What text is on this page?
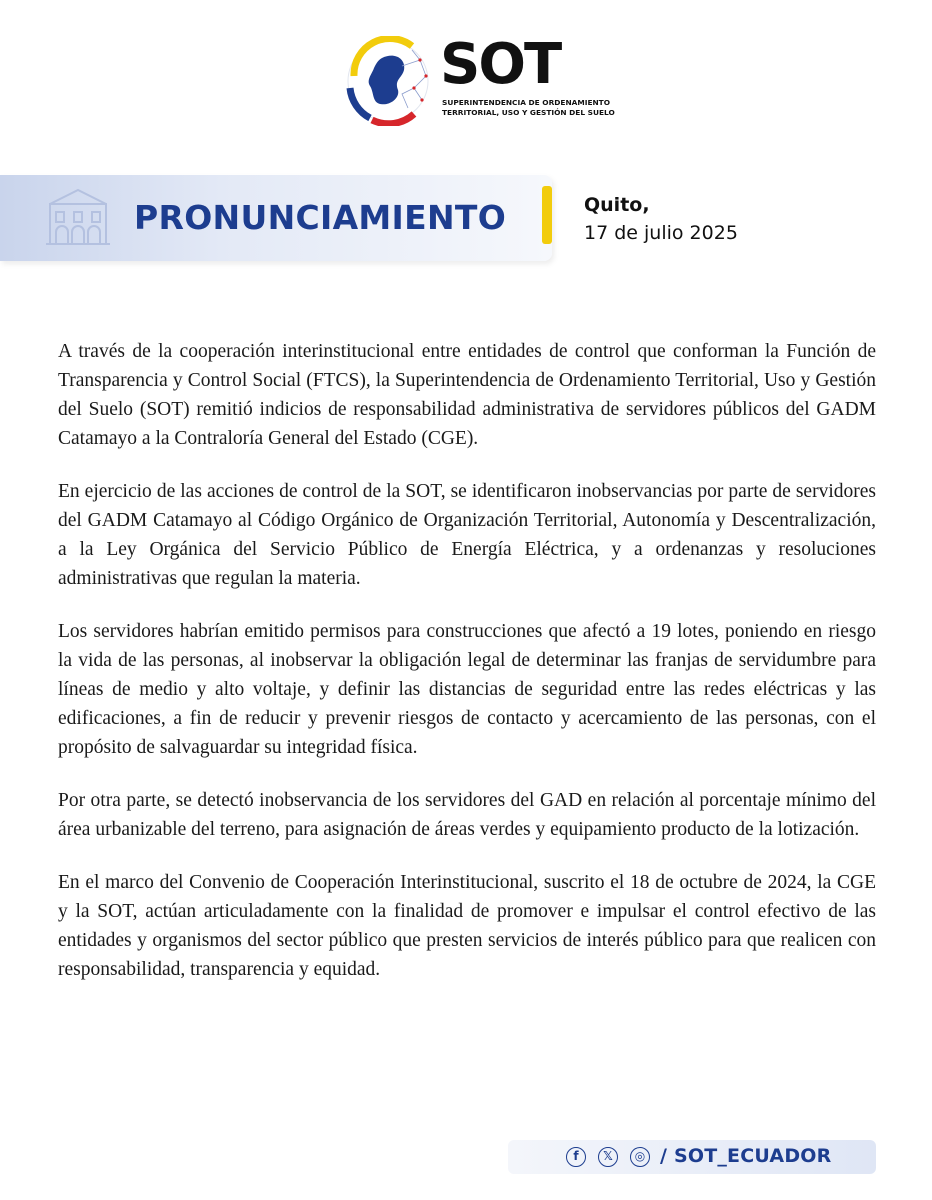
SOT
SUPERINTENDENCIA DE ORDENAMIENTO
TERRITORIAL, USO Y GESTIÓN DEL SUELO
PRONUNCIAMIENTO	Quito,
17 de julio 2025

A través de la cooperación interinstitucional entre entidades de control que conforman la Función de Transparencia y Control Social (FTCS), la Superintendencia de Ordenamiento Territorial, Uso y Gestión del Suelo (SOT) remitió indicios de responsabilidad administrativa de servidores públicos del GADM Catamayo a la Contraloría General del Estado (CGE).

En ejercicio de las acciones de control de la SOT, se identificaron inobservancias por parte de servidores del GADM Catamayo al Código Orgánico de Organización Territorial, Autonomía y Descentralización, a la Ley Orgánica del Servicio Público de Energía Eléctrica, y a ordenanzas y resoluciones administrativas que regulan la materia.

Los servidores habrían emitido permisos para construcciones que afectó a 19 lotes, poniendo en riesgo la vida de las personas, al inobservar la obligación legal de determinar las franjas de servidumbre para líneas de medio y alto voltaje, y definir las distancias de seguridad entre las redes eléctricas y las edificaciones, a fin de reducir y prevenir riesgos de contacto y acercamiento de las personas, con el propósito de salvaguardar su integridad física.

Por otra parte, se detectó inobservancia de los servidores del GAD en relación al porcentaje mínimo del área urbanizable del terreno, para asignación de áreas verdes y equipamiento producto de la lotización.

En el marco del Convenio de Cooperación Interinstitucional, suscrito el 18 de octubre de 2024, la CGE y la SOT, actúan articuladamente con la finalidad de promover e impulsar el control efectivo de las entidades y organismos del sector público que presten servicios de interés público para que realicen con responsabilidad, transparencia y equidad.

f	𝕏	◎ / SOT_ECUADOR
